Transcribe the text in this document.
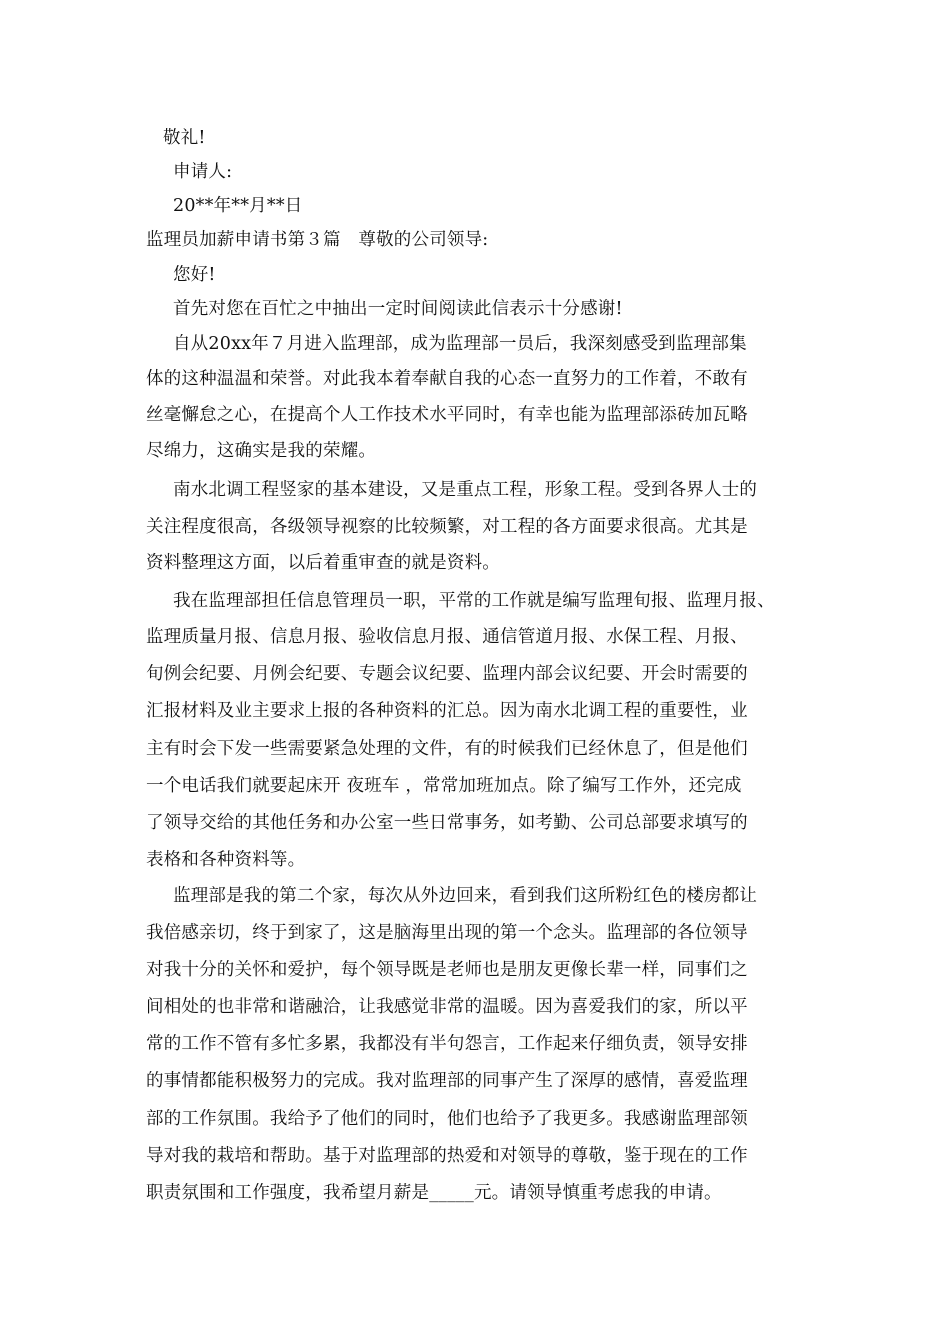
敬礼!
申请人:
20**年**月**日
监理员加薪申请书第３篇　尊敬的公司领导:
您好!
首先对您在百忙之中抽出一定时间阅读此信表示十分感谢!
自从20xx年７月进入监理部，成为监理部一员后，我深刻感受到监理部集
体的这种温温和荣誉。对此我本着奉献自我的心态一直努力的工作着，不敢有
丝毫懈怠之心，在提高个人工作技术水平同时，有幸也能为监理部添砖加瓦略
尽绵力，这确实是我的荣耀。
南水北调工程竖家的基本建设，又是重点工程，形象工程。受到各界人士的
关注程度很高，各级领导视察的比较频繁，对工程的各方面要求很高。尤其是
资料整理这方面，以后着重审查的就是资料。
我在监理部担任信息管理员一职，平常的工作就是编写监理旬报、监理月报、
监理质量月报、信息月报、验收信息月报、通信管道月报、水保工程、月报、
旬例会纪要、月例会纪要、专题会议纪要、监理内部会议纪要、开会时需要的
汇报材料及业主要求上报的各种资料的汇总。因为南水北调工程的重要性，业
主有时会下发一些需要紧急处理的文件，有的时候我们已经休息了，但是他们
一个电话我们就要起床开 夜班车 ，常常加班加点。除了编写工作外，还完成
了领导交给的其他任务和办公室一些日常事务，如考勤、公司总部要求填写的
表格和各种资料等。
监理部是我的第二个家，每次从外边回来，看到我们这所粉红色的楼房都让
我倍感亲切，终于到家了，这是脑海里出现的第一个念头。监理部的各位领导
对我十分的关怀和爱护，每个领导既是老师也是朋友更像长辈一样，同事们之
间相处的也非常和谐融洽，让我感觉非常的温暖。因为喜爱我们的家，所以平
常的工作不管有多忙多累，我都没有半句怨言，工作起来仔细负责，领导安排
的事情都能积极努力的完成。我对监理部的同事产生了深厚的感情，喜爱监理
部的工作氛围。我给予了他们的同时，他们也给予了我更多。我感谢监理部领
导对我的栽培和帮助。基于对监理部的热爱和对领导的尊敬，鉴于现在的工作
职责氛围和工作强度，我希望月薪是_____元。请领导慎重考虑我的申请。
